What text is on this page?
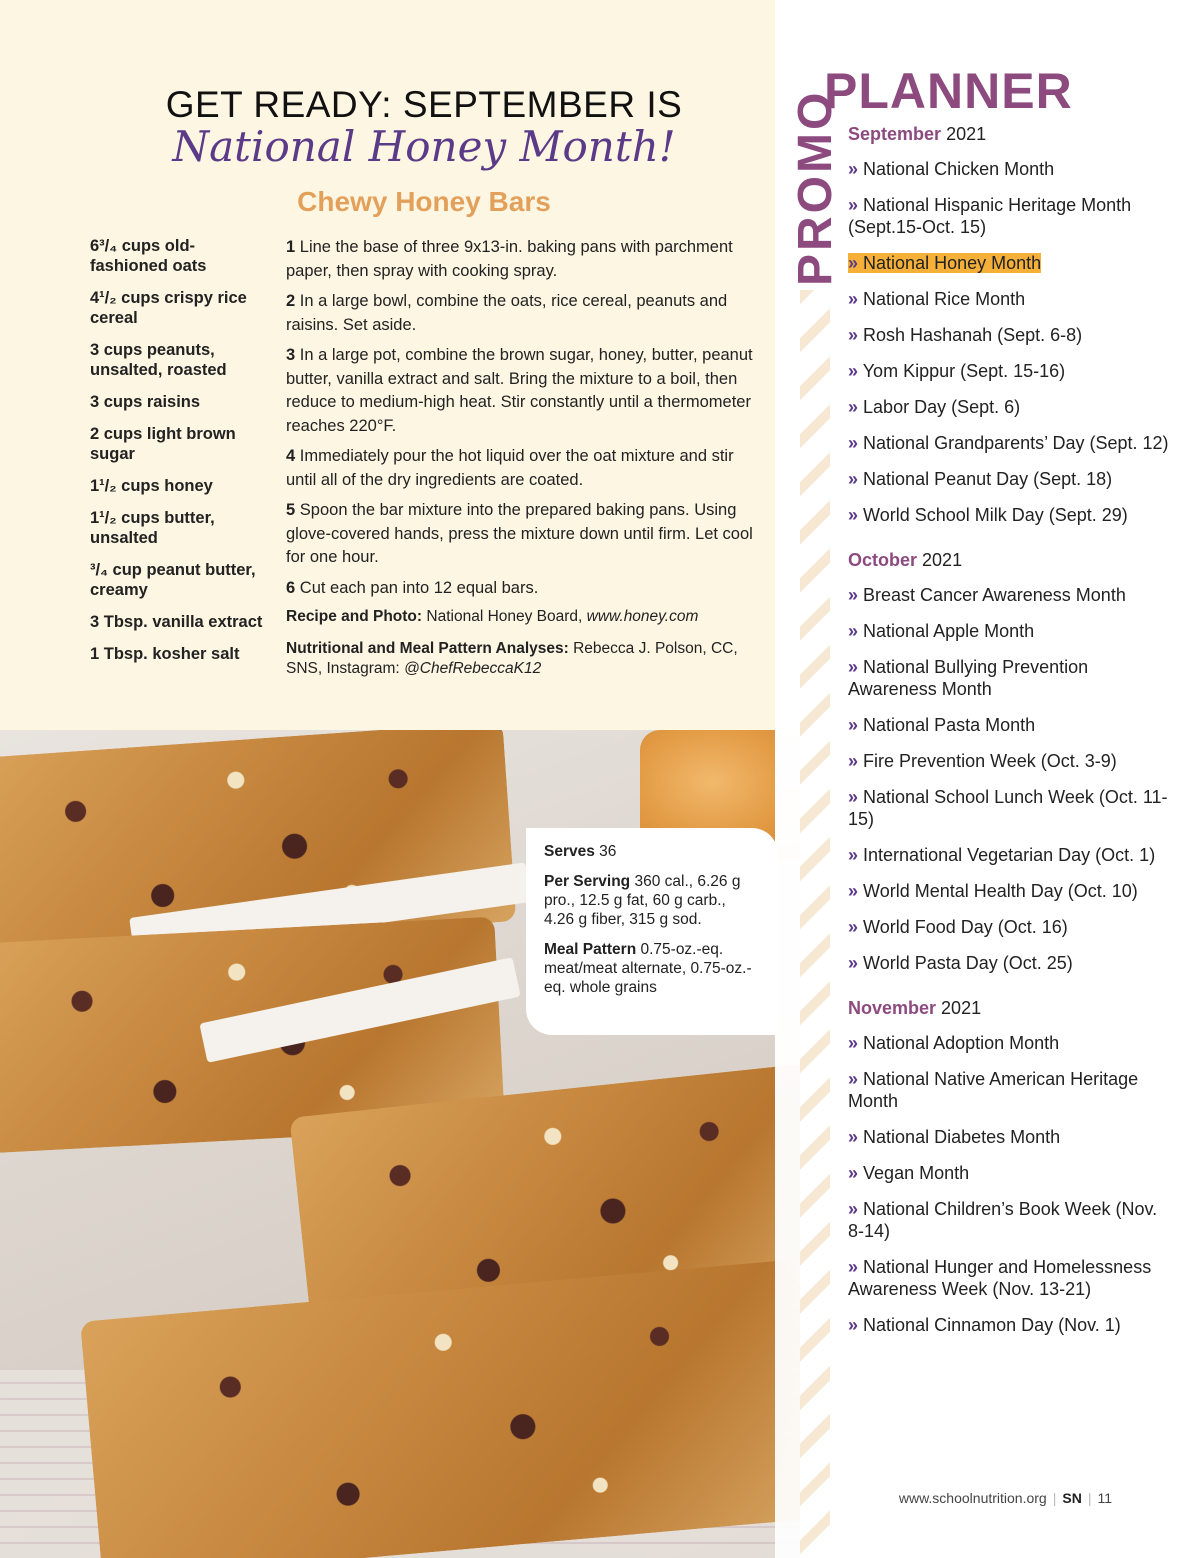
GET READY: SEPTEMBER IS
National Honey Month!
Chewy Honey Bars
6³/₄ cups old-fashioned oats
4¹/₂ cups crispy rice cereal
3 cups peanuts, unsalted, roasted
3 cups raisins
2 cups light brown sugar
1¹/₂ cups honey
1¹/₂ cups butter, unsalted
³/₄ cup peanut butter, creamy
3 Tbsp. vanilla extract
1 Tbsp. kosher salt

1 Line the base of three 9x13-in. baking pans with parchment paper, then spray with cooking spray.

2 In a large bowl, combine the oats, rice cereal, peanuts and raisins. Set aside.

3 In a large pot, combine the brown sugar, honey, butter, peanut butter, vanilla extract and salt. Bring the mixture to a boil, then reduce to medium-high heat. Stir constantly until a thermometer reaches 220°F.

4 Immediately pour the hot liquid over the oat mixture and stir until all of the dry ingredients are coated.

5 Spoon the bar mixture into the prepared baking pans. Using glove-covered hands, press the mixture down until firm. Let cool for one hour.

6 Cut each pan into 12 equal bars.

Recipe and Photo: National Honey Board, www.honey.com

Nutritional and Meal Pattern Analyses: Rebecca J. Polson, CC, SNS, Instagram: @ChefRebeccaK12

Serves 36

Per Serving 360 cal., 6.26 g pro., 12.5 g fat, 60 g carb., 4.26 g fiber, 315 g sod.

Meal Pattern 0.75-oz.-eq. meat/meat alternate, 0.75-oz.-eq. whole grains

PLANNER
PROMO September 2021
» National Chicken Month
» National Hispanic Heritage Month (Sept.15-Oct. 15)
» National Honey Month
» National Rice Month
» Rosh Hashanah (Sept. 6-8)
» Yom Kippur (Sept. 15-16)
» Labor Day (Sept. 6)
» National Grandparents’ Day (Sept. 12)
» National Peanut Day (Sept. 18)
» World School Milk Day (Sept. 29)
October 2021
» Breast Cancer Awareness Month
» National Apple Month
» National Bullying Prevention Awareness Month
» National Pasta Month
» Fire Prevention Week (Oct. 3-9)
» National School Lunch Week (Oct. 11-15)
» International Vegetarian Day (Oct. 1)
» World Mental Health Day (Oct. 10)
» World Food Day (Oct. 16)
» World Pasta Day (Oct. 25)
November 2021
» National Adoption Month
» National Native American Heritage Month
» National Diabetes Month
» Vegan Month
» National Children’s Book Week (Nov. 8-14)
» National Hunger and Homelessness Awareness Week (Nov. 13-21)
» National Cinnamon Day (Nov. 1)
www.schoolnutrition.org | SN | 11
